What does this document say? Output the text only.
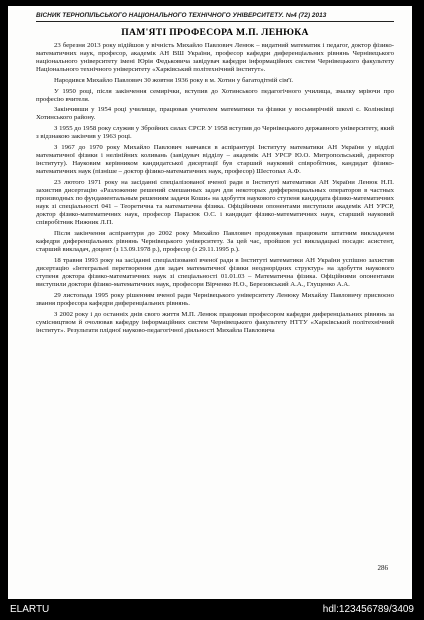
ВІСНИК ТЕРНОПІЛЬСЬКОГО НАЦІОНАЛЬНОГО ТЕХНІЧНОГО УНІВЕРСИТЕТУ. №4 (72) 2013
ПАМ'ЯТІ ПРОФЕСОРА М.П. ЛЕНЮКА

23 березня 2013 року відійшов у вічність Михайло Павлович Ленюк – видатний математик і педагог, доктор фізико-математичних наук, професор, академік АН ВШ України, професор кафедри диференціальних рівнянь Чернівецького національного університету імені Юрія Федьковича завідувач кафедри інформаційних систем Чернівецького факультету Національного технічного університету «Харківський політехнічний інститут».

Народився Михайло Павлович 30 жовтня 1936 року в м. Хотин у багатодітній сім'ї.

У 1950 році, після закінчення семирічки, вступив до Хотинського педагогічного училища, змалку мріючи про професію вчителя.

Закінчивши у 1954 році училище, працював учителем математики та фізики у восьмирічній школі с. Колінківці Хотинського району.

З 1955 до 1958 року служив у Збройних силах СРСР. У 1958 вступив до Чернівецького державного університету, який з відзнакою закінчив у 1963 році.

З 1967 до 1970 року Михайло Павлович навчався в аспірантурі Інституту математики АН України у відділі математичної фізики і нелінійних коливань (завідувач відділу – академік АН УРСР Ю.О. Митропольський, директор інституту). Науковим керівником кандидатської дисертації був старший науковий співробітник, кандидат фізико-математичних наук (пізніше – доктор фізико-математичних наук, професор) Шестопал А.Ф.

23 лютого 1971 року на засіданні спеціалізованої вченої ради в Інституті математики АН України Ленюк Н.П. захистив дисертацію «Разложение решений смешанных задач для некоторых дифференциальных операторов в частных производных по фундаментальным решениям задачи Коши» на здобуття наукового ступеня кандидата фізико-математичних наук зі спеціальності 041 – Теоретична та математична фізика. Офіційними опонентами виступили академік АН УРСР, доктор фізико-математичних наук, професор Парасюк О.С. і кандидат фізико-математичних наук, старший науковий співробітник Нижник Л.П.

Після закінчення аспірантури до 2002 року Михайло Павлович продовжував працювати штатним викладачем кафедри диференціальних рівнянь Чернівецького університету. За цей час, пройшов усі викладацькі посади: асистент, старший викладач, доцент (з 13.09.1978 р.), професор (з 29.11.1995 р.).

18 травня 1993 року на засіданні спеціалізованої вченої ради в Інституті математики АН України успішно захистив дисертацію «Інтегральні перетворення для задач математичної фізики неоднорідних структур» на здобуття наукового ступеня доктора фізико-математичних наук зі спеціальності 01.01.03 – Математична фізика. Офіційними опонентами виступили доктори фізико-математичних наук, професори Вірченко Н.О., Березовський А.А., Глущенко А.А.

29 листопада 1995 року рішенням вченої ради Чернівецького університету Ленюку Михайлу Павловичу присвоєно звання професора кафедри диференціальних рівнянь.

З 2002 року і до останніх днів свого життя М.П. Ленюк працював професором кафедри диференціальних рівнянь за сумісництвом й очолював кафедру інформаційних систем Чернівецького факультету НТТУ «Харківський політехнічний інститут». Результати плідної науково-педагогічної діяльності Михайла Павловича

286
ELARTU	hdl:123456789/3409
